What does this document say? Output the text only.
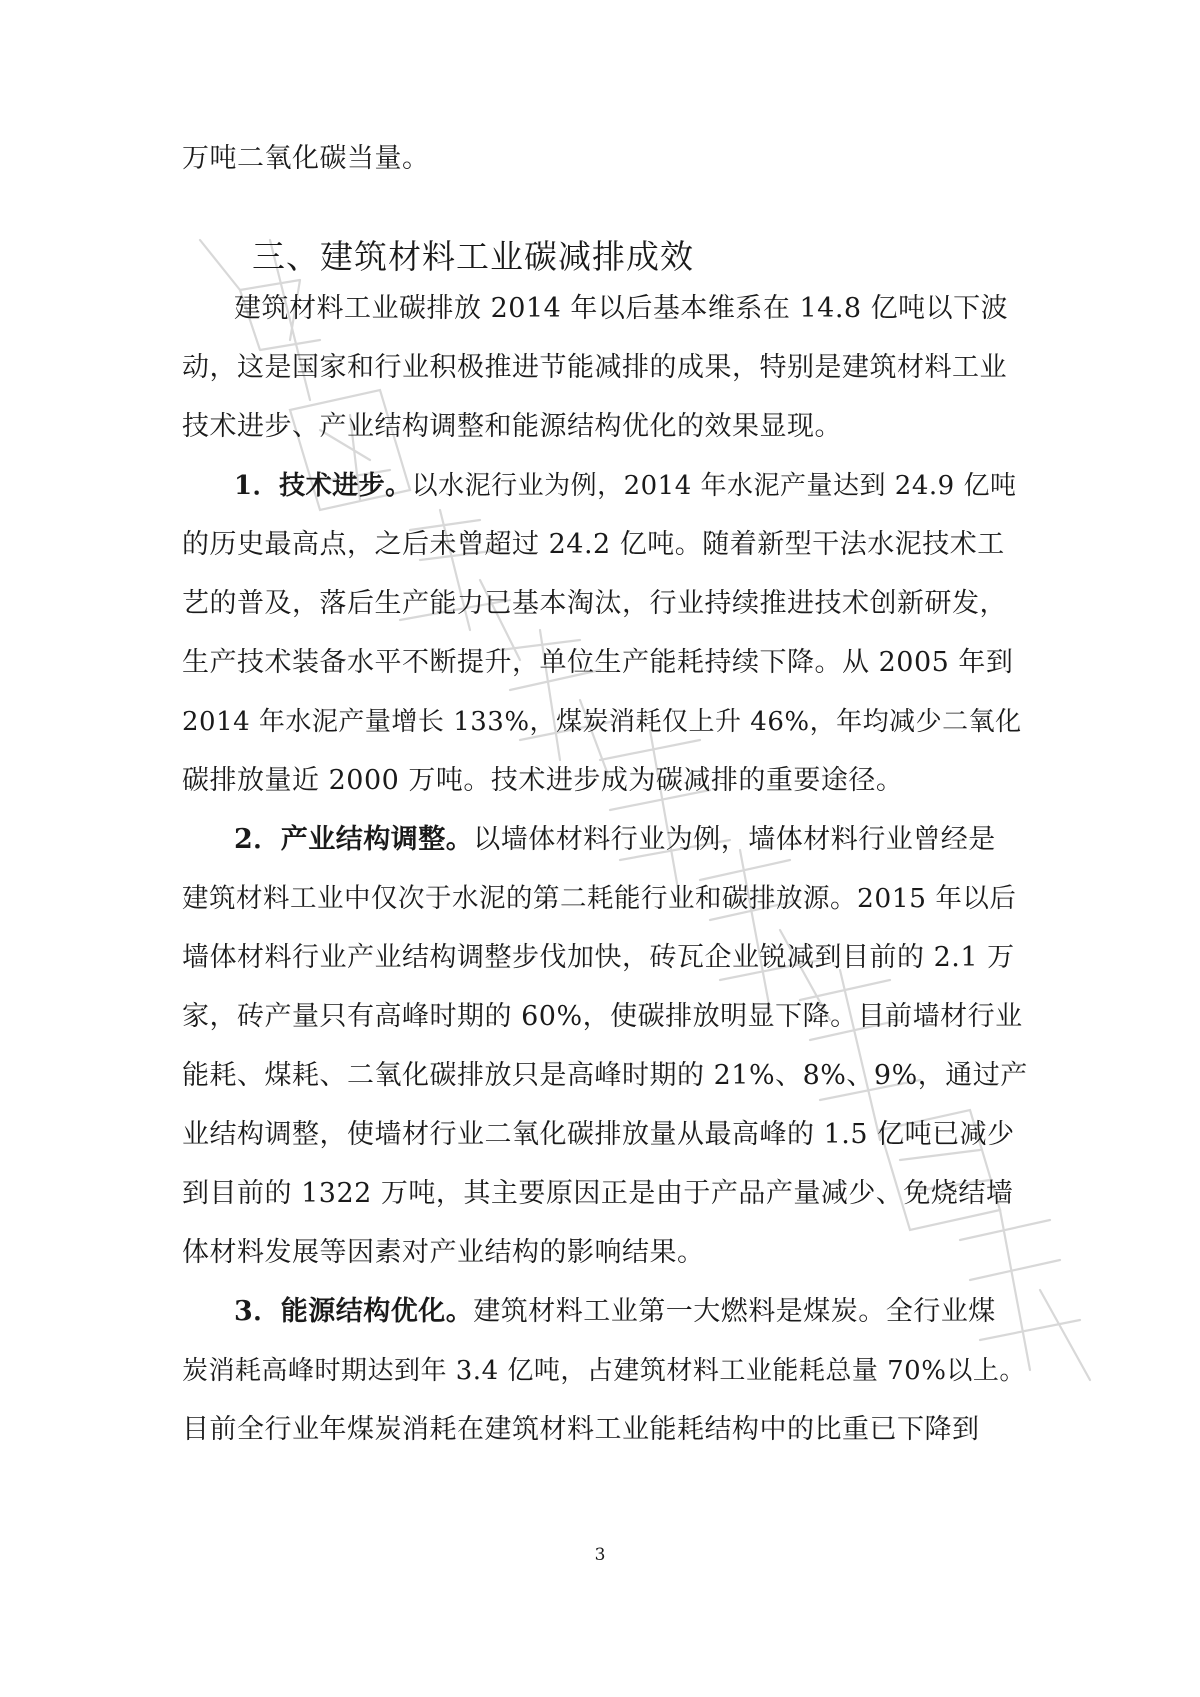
万吨二氧化碳当量。
三、建筑材料工业碳减排成效
建筑材料工业碳排放 2014 年以后基本维系在 14.8 亿吨以下波
动，这是国家和行业积极推进节能减排的成果，特别是建筑材料工业
技术进步、产业结构调整和能源结构优化的效果显现。
1．技术进步。以水泥行业为例，2014 年水泥产量达到 24.9 亿吨
的历史最高点，之后未曾超过 24.2 亿吨。随着新型干法水泥技术工
艺的普及，落后生产能力已基本淘汰，行业持续推进技术创新研发，
生产技术装备水平不断提升，单位生产能耗持续下降。从 2005 年到
2014 年水泥产量增长 133%，煤炭消耗仅上升 46%，年均减少二氧化
碳排放量近 2000 万吨。技术进步成为碳减排的重要途径。
2．产业结构调整。以墙体材料行业为例，墙体材料行业曾经是
建筑材料工业中仅次于水泥的第二耗能行业和碳排放源。2015 年以后
墙体材料行业产业结构调整步伐加快，砖瓦企业锐减到目前的 2.1 万
家，砖产量只有高峰时期的 60%，使碳排放明显下降。目前墙材行业
能耗、煤耗、二氧化碳排放只是高峰时期的 21%、8%、9%，通过产
业结构调整，使墙材行业二氧化碳排放量从最高峰的 1.5 亿吨已减少
到目前的 1322 万吨，其主要原因正是由于产品产量减少、免烧结墙
体材料发展等因素对产业结构的影响结果。
3．能源结构优化。建筑材料工业第一大燃料是煤炭。全行业煤
炭消耗高峰时期达到年 3.4 亿吨，占建筑材料工业能耗总量 70%以上。
目前全行业年煤炭消耗在建筑材料工业能耗结构中的比重已下降到
3
